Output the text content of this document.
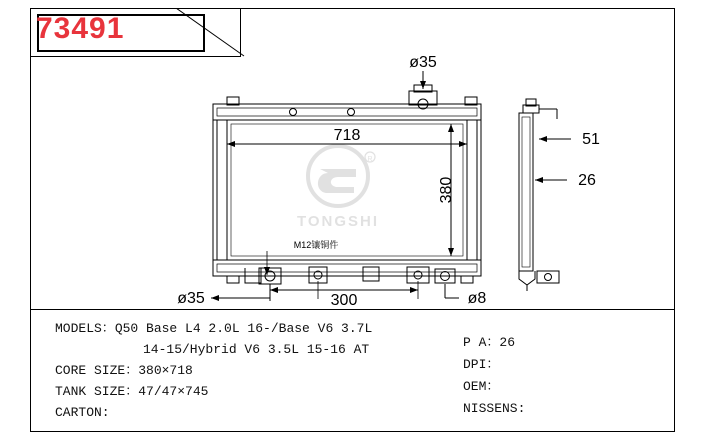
73491
R
TONGSHI
718
380
ø35
ø35	ø8
300
M12镶铜件
51
26
MODELS：Q50 Base L4 2.0L 16-/Base V6 3.7L
14-15/Hybrid V6 3.5L 15-16 AT
CORE SIZE：380×718
TANK SIZE：47/47×745
CARTON:
P A：26
DPI：
OEM：
NISSENS:
